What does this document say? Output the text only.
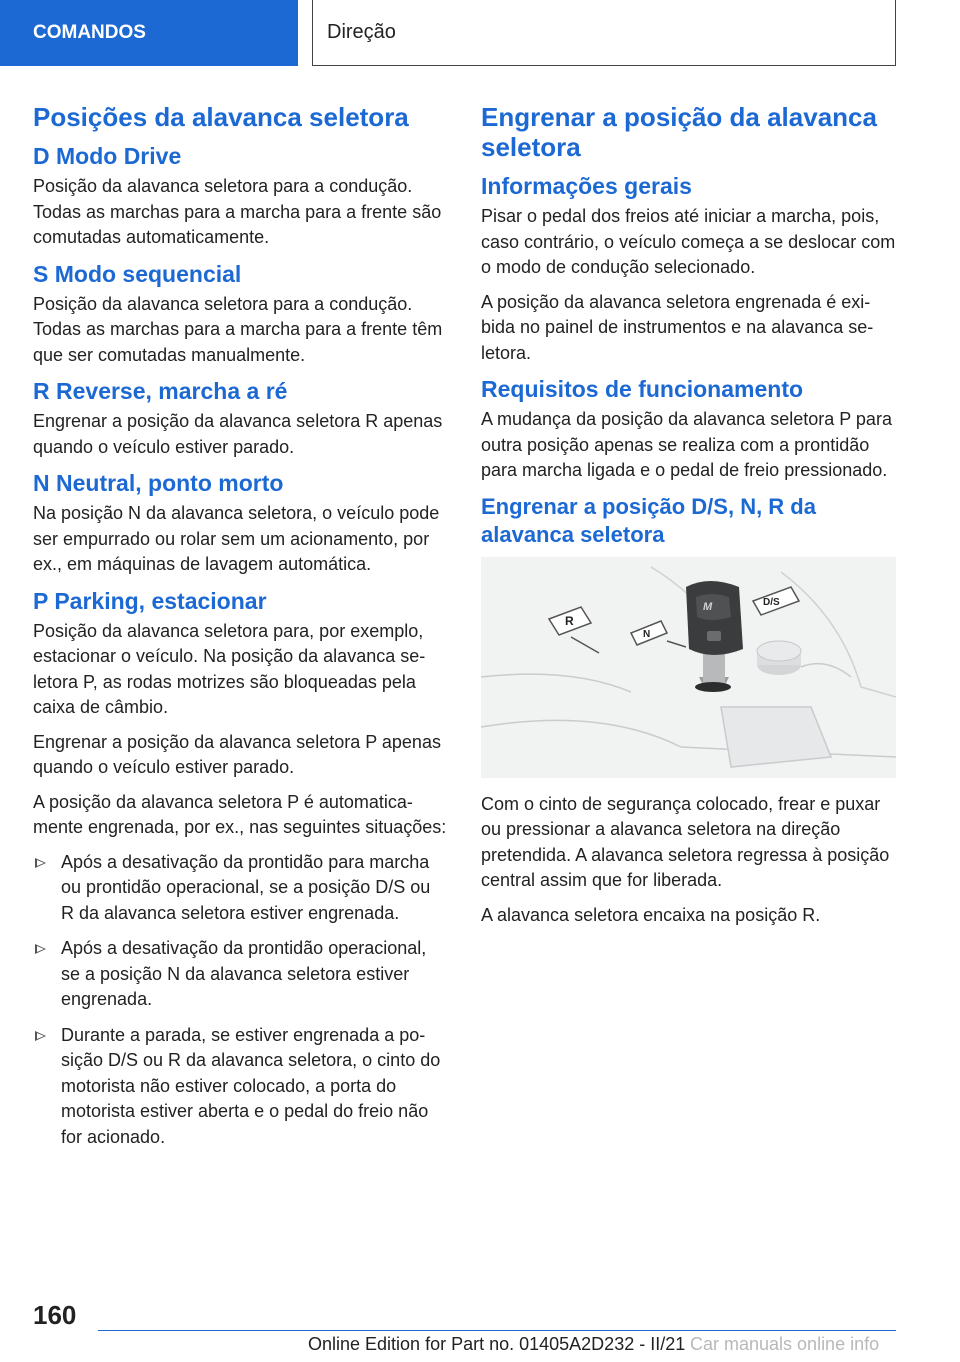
COMANDOS	Direção
Posições da alavanca seletora
D Modo Drive

Posição da alavanca seletora para a condução. Todas as marchas para a marcha para a frente são comutadas automaticamente.

S Modo sequencial

Posição da alavanca seletora para a condução. Todas as marchas para a marcha para a frente têm que ser comutadas manualmente.

R Reverse, marcha a ré

Engrenar a posição da alavanca seletora R apenas quando o veículo estiver parado.

N Neutral, ponto morto

Na posição N da alavanca seletora, o veículo pode ser empurrado ou rolar sem um acionamento, por ex., em máquinas de lavagem automática.

P Parking, estacionar

Posição da alavanca seletora para, por exemplo, estacionar o veículo. Na posição da alavanca seletora P, as rodas motrizes são bloqueadas pela caixa de câmbio.

Engrenar a posição da alavanca seletora P apenas quando o veículo estiver parado.

A posição da alavanca seletora P é automaticamente engrenada, por ex., nas seguintes situações:

Após a desativação da prontidão para marcha ou prontidão operacional, se a posição D/S ou R da alavanca seletora estiver engrenada.
Após a desativação da prontidão operacional, se a posição N da alavanca seletora estiver engrenada.
Durante a parada, se estiver engrenada a posição D/S ou R da alavanca seletora, o cinto do motorista não estiver colocado, a porta do motorista estiver aberta e o pedal do freio não for acionado.
Engrenar a posição da alavanca seletora
Informações gerais

Pisar o pedal dos freios até iniciar a marcha, pois, caso contrário, o veículo começa a se deslocar com o modo de condução selecionado.

A posição da alavanca seletora engrenada é exibida no painel de instrumentos e na alavanca seletora.

Requisitos de funcionamento

A mudança da posição da alavanca seletora P para outra posição apenas se realiza com a prontidão para marcha ligada e o pedal de freio pressionado.

Engrenar a posição D/S, N, R da alavanca seletora
R
N
D/S
M

Com o cinto de segurança colocado, frear e puxar ou pressionar a alavanca seletora na direção pretendida. A alavanca seletora regressa à posição central assim que for liberada.

A alavanca seletora encaixa na posição R.

160
Online Edition for Part no. 01405A2D232 - II/21 Car manuals online info
